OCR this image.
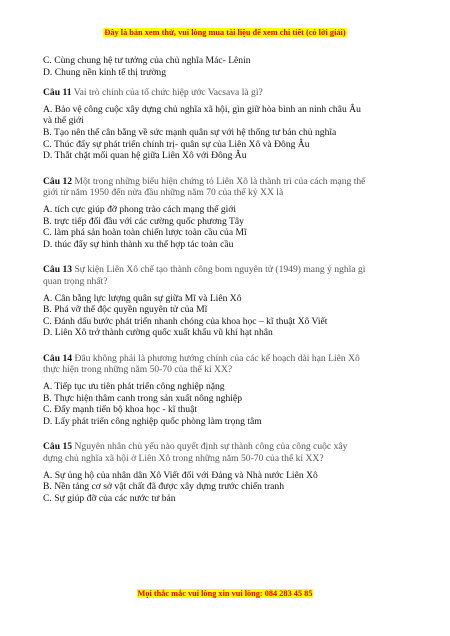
Đây là bản xem thử, vui lòng mua tài liệu để xem chi tiết (có lời giải)
C. Cùng chung hệ tư tưởng của chủ nghĩa Mác- Lênin
D. Chung nền kinh tế thị trường
Câu 11 Vai trò chính của tổ chức hiệp ước Vacsava là gì?
A. Bảo vệ công cuộc xây dựng chủ nghĩa xã hội, gìn giữ hòa bình an ninh châu Âu
và thế giới
B. Tạo nên thế cân bằng về sức mạnh quân sự với hệ thống tư bản chủ nghĩa
C. Thúc đẩy sự phát triển chính trị- quân sự của Liên Xô và Đông Âu
D. Thắt chặt mối quan hệ giữa Liên Xô với Đông Âu
Câu 12 Một trong những biểu hiện chứng tỏ Liên Xô là thành trì của cách mạng thế
giới từ năm 1950 đến nửa đầu những năm 70 của thế kỷ XX là
A. tích cực giúp đỡ phong trào cách mạng thế giới
B. trực tiếp đối đầu với các cường quốc phương Tây
C. làm phá sản hoàn toàn chiến lược toàn cầu của Mĩ
D. thúc đẩy sự hình thành xu thế hợp tác toàn cầu
Câu 13 Sự kiện Liên Xô chế tạo thành công bom nguyên tử (1949) mang ý nghĩa gì
quan trọng nhất?
A. Cân bằng lực lượng quân sự giữa Mĩ và Liên Xô
B. Phá vỡ thế độc quyền nguyên tử của Mĩ
C. Đánh dấu bước phát triển nhanh chóng của khoa học – kĩ thuật Xô Viết
D. Liên Xô trở thành cường quốc xuất khẩu vũ khí hạt nhân
Câu 14 Đâu không phải là phương hướng chính của các kế hoạch dài hạn Liên Xô
thực hiện trong những năm 50-70 của thế kỉ XX?
A. Tiếp tục ưu tiên phát triển công nghiệp nặng
B. Thực hiện thâm canh trong sản xuất nông nghiệp
C. Đẩy mạnh tiến bộ khoa học - kĩ thuật
D. Lấy phát triển công nghiệp quốc phòng làm trọng tâm
Câu 15 Nguyên nhân chủ yếu nào quyết định sự thành công của công cuộc xây
dựng chủ nghĩa xã hội ở Liên Xô trong những năm 50-70 của thế kỉ XX?
A. Sự ủng hộ của nhân dân Xô Viết đối với Đảng và Nhà nước Liên Xô
B. Nền tảng cơ sở vật chất đã được xây dựng trước chiến tranh
C. Sự giúp đỡ của các nước tư bản
Mọi thắc mắc vui lòng xin vui lòng: 084 283 45 85
